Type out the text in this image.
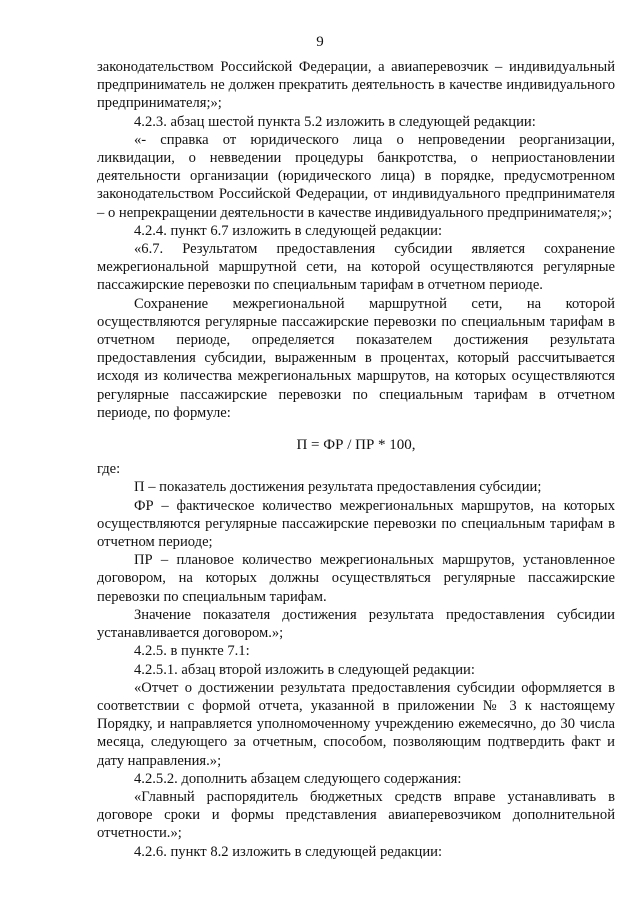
9

законодательством Российской Федерации, а авиаперевозчик – индивидуальный предприниматель не должен прекратить деятельность в качестве индивидуального предпринимателя;»;

4.2.3. абзац шестой пункта 5.2 изложить в следующей редакции:

«- справка от юридического лица о непроведении реорганизации, ликвидации, о невведении процедуры банкротства, о неприостановлении деятельности организации (юридического лица) в порядке, предусмотренном законодательством Российской Федерации, от индивидуального предпринимателя – о непрекращении деятельности в качестве индивидуального предпринимателя;»;

4.2.4. пункт 6.7 изложить в следующей редакции:

«6.7. Результатом предоставления субсидии является сохранение межрегиональной маршрутной сети, на которой осуществляются регулярные пассажирские перевозки по специальным тарифам в отчетном периоде.

Сохранение межрегиональной маршрутной сети, на которой осуществляются регулярные пассажирские перевозки по специальным тарифам в отчетном периоде, определяется показателем достижения результата предоставления субсидии, выраженным в процентах, который рассчитывается исходя из количества межрегиональных маршрутов, на которых осуществляются регулярные пассажирские перевозки по специальным тарифам в отчетном периоде, по формуле:

П = ФР / ПР * 100,

где:

П – показатель достижения результата предоставления субсидии;

ФР – фактическое количество межрегиональных маршрутов, на которых осуществляются регулярные пассажирские перевозки по специальным тарифам в отчетном периоде;

ПР – плановое количество межрегиональных маршрутов, установленное договором, на которых должны осуществляться регулярные пассажирские перевозки по специальным тарифам.

Значение показателя достижения результата предоставления субсидии устанавливается договором.»;

4.2.5. в пункте 7.1:

4.2.5.1. абзац второй изложить в следующей редакции:

«Отчет о достижении результата предоставления субсидии оформляется в соответствии с формой отчета, указанной в приложении № 3 к настоящему Порядку, и направляется уполномоченному учреждению ежемесячно, до 30 числа месяца, следующего за отчетным, способом, позволяющим подтвердить факт и дату направления.»;

4.2.5.2. дополнить абзацем следующего содержания:

«Главный распорядитель бюджетных средств вправе устанавливать в договоре сроки и формы представления авиаперевозчиком дополнительной отчетности.»;

4.2.6. пункт 8.2 изложить в следующей редакции:
